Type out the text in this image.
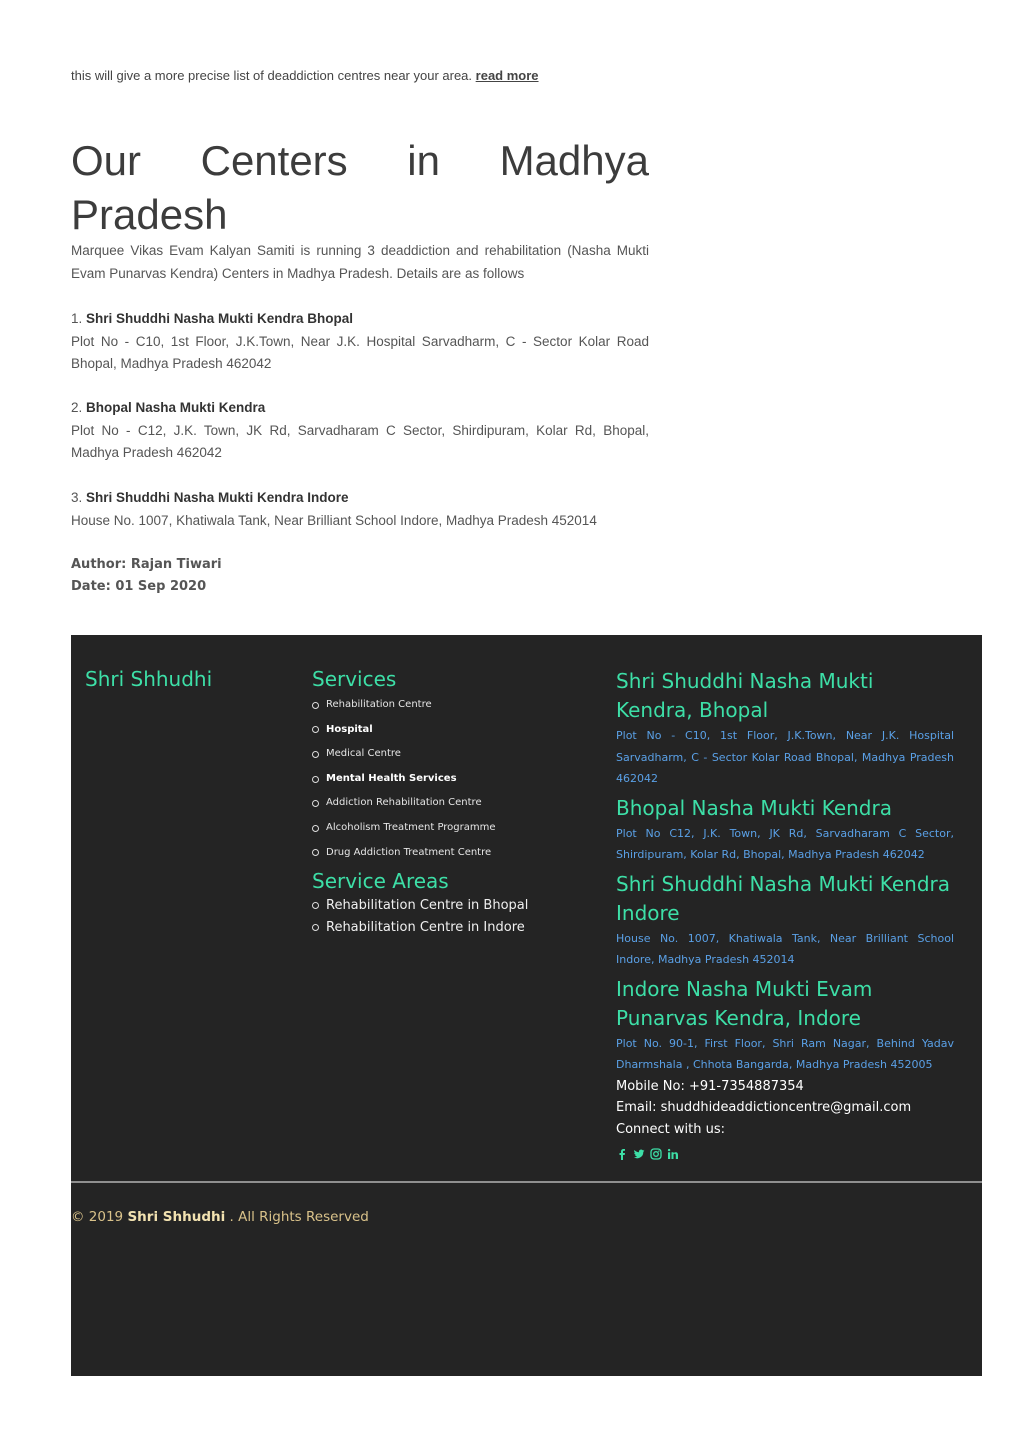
this will give a more precise list of deaddiction centres near your area. read more
Our Centers in Madhya
Pradesh

Marquee Vikas Evam Kalyan Samiti is running 3 deaddiction and rehabilitation (Nasha Mukti Evam Punarvas Kendra) Centers in Madhya Pradesh. Details are as follows

1. Shri Shuddhi Nasha Mukti Kendra Bhopal
Plot No - C10, 1st Floor, J.K.Town, Near J.K. Hospital Sarvadharm, C - Sector Kolar Road Bhopal, Madhya Pradesh 462042

2. Bhopal Nasha Mukti Kendra
Plot No - C12, J.K. Town, JK Rd, Sarvadharam C Sector, Shirdipuram, Kolar Rd, Bhopal, Madhya Pradesh 462042

3. Shri Shuddhi Nasha Mukti Kendra Indore
House No. 1007, Khatiwala Tank, Near Brilliant School Indore, Madhya Pradesh 452014

Author: Rajan Tiwari
Date: 01 Sep 2020
Shri Shhudhi	Services
Rehabilitation Centre
Hospital
Medical Centre
Mental Health Services
Addiction Rehabilitation Centre
Alcoholism Treatment Programme
Drug Addiction Treatment Centre
Service Areas
Rehabilitation Centre in Bhopal
Rehabilitation Centre in Indore
Shri Shuddhi Nasha Mukti Kendra, Bhopal

Plot No - C10, 1st Floor, J.K.Town, Near J.K. Hospital Sarvadharm, C - Sector Kolar Road Bhopal, Madhya Pradesh 462042

Bhopal Nasha Mukti Kendra

Plot No C12, J.K. Town, JK Rd, Sarvadharam C Sector, Shirdipuram, Kolar Rd, Bhopal, Madhya Pradesh 462042

Shri Shuddhi Nasha Mukti Kendra Indore

House No. 1007, Khatiwala Tank, Near Brilliant School Indore, Madhya Pradesh 452014

Indore Nasha Mukti Evam Punarvas Kendra, Indore

Plot No. 90-1, First Floor, Shri Ram Nagar, Behind Yadav Dharmshala , Chhota Bangarda, Madhya Pradesh 452005

Mobile No: +91-7354887354

Email: shuddhideaddictioncentre@gmail.com

Connect with us:

© 2019 Shri Shhudhi . All Rights Reserved
